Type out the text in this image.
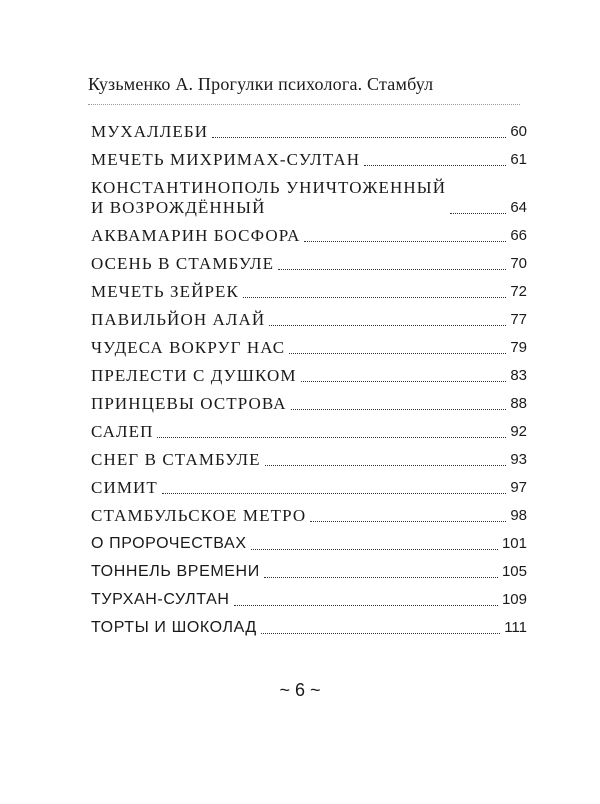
Кузьменко А. Прогулки психолога. Стамбул
МУХАЛЛЕБИ	60
МЕЧЕТЬ МИХРИМАХ-СУЛТАН	61
КОНСТАНТИНОПОЛЬ УНИЧТОЖЕННЫЙ
И ВОЗРОЖДЁННЫЙ	64
АКВАМАРИН БОСФОРА	66
ОСЕНЬ В СТАМБУЛЕ	70
МЕЧЕТЬ ЗЕЙРЕК	72
ПАВИЛЬЙОН АЛАЙ	77
ЧУДЕСА ВОКРУГ НАС	79
ПРЕЛЕСТИ С ДУШКОМ	83
ПРИНЦЕВЫ ОСТРОВА	88
САЛЕП	92
СНЕГ В СТАМБУЛЕ	93
СИМИТ	97
СТАМБУЛЬСКОЕ МЕТРО	98
О ПРОРОЧЕСТВАХ	101
ТОННЕЛЬ ВРЕМЕНИ	105
ТУРХАН-СУЛТАН	109
ТОРТЫ И ШОКОЛАД	111
~ 6 ~
